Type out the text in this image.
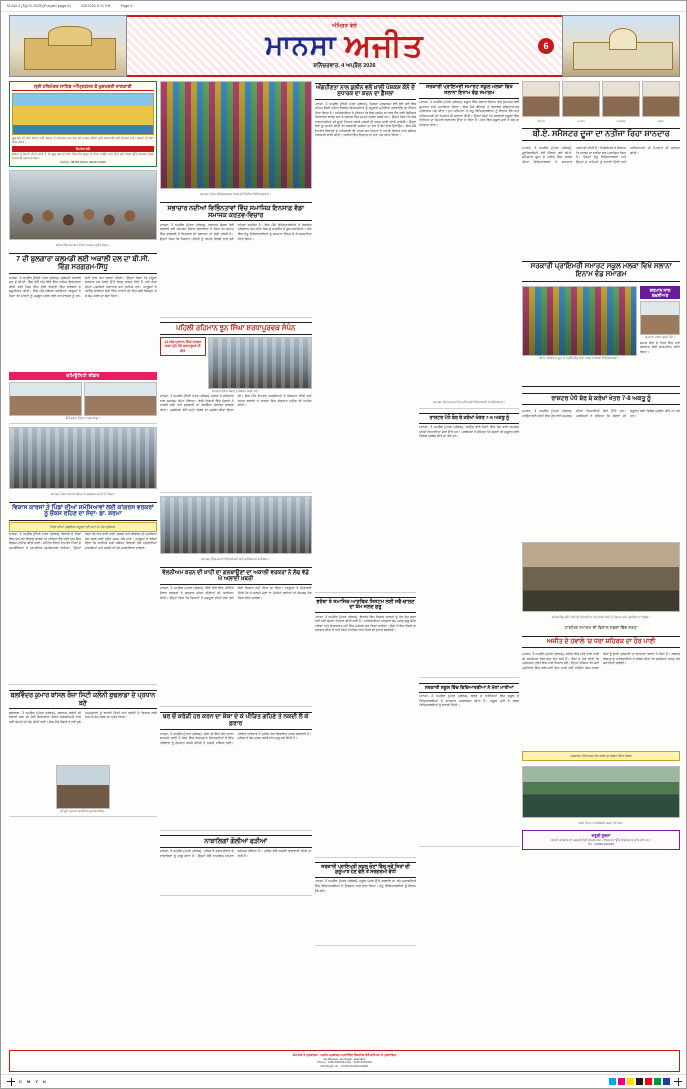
M-Ajit-2 (5)(03-2025)(Punjabi page-6)	4/3/2026 9:11 PM	Page 6
ਅੰਮ੍ਰਿਤ ਵੇਲੇ
ਮਾਨਸਾ ਅਜੀਤ
ਸ਼ਨਿੱਚਰਵਾਰ, 4 ਅਪ੍ਰੈਲ 2026
6
ਸ੍ਰੀ ਹਰਿਮੰਦਰ ਸਾਹਿਬ ਅੰਮ੍ਰਿਤਸਰ ਤੋਂ ਖੁਸ਼ਖਬਰੀ ਜਾਣਕਾਰੀ
ਗੁਰੂ ਘਰ ਦੀ ਸੇਵਾ ਸੰਭਾਲ ਲਈ ਸੰਗਤਾਂ ਦੇ ਸਹਿਯੋਗ ਨਾਲ ਚੱਲ ਰਹੇ ਕਾਰਜ ਸਬੰਧੀ ਪੂਰੀ ਜਾਣਕਾਰੀ ਲਈ ਸੰਪਰਕ ਕਰੋ। ਸੰਗਤਾਂ ਦੀ ਸੇਵਾ ਵਿੱਚ ਹਾਜ਼ਰ।
ਸੰਪਰਕ ਕਰੋ
ਸੰਗਤਾਂ ਨੂੰ ਬੇਨਤੀ ਕੀਤੀ ਜਾਂਦੀ ਹੈ ਕਿ ਗੁਰੂ ਘਰ ਦੀ ਸੇਵਾ ਵਿੱਚ ਵੱਧ ਚੜ੍ਹ ਕੇ ਹਿੱਸਾ ਪਾਉਣ ਅਤੇ ਦਿੱਤੇ ਗਏ ਨੰਬਰਾਂ ਉੱਤੇ ਸੰਪਰਕ ਕਰਕੇ ਜਾਣਕਾਰੀ ਪ੍ਰਾਪਤ ਕਰਨ।
ਮੋਬਾਇਲ : 98765-43210, 98140-12345
ਸ਼ਹਿਰ ਵਿੱਚ ਸਮਾਗਮ ਦੌਰਾਨ ਹਾਜ਼ਰ ਪਤਵੰਤੇ ਸੱਜਣ।
7 ਦੀ ਬੁਲਗਾਰਾ ਕਲਮਡੀ ਲਈ ਅਕਾਲੀ ਦਲ ਦਾ ਬੀ.ਸੀ. ਵਿੰਗ ਸਰਗਰਮ-ਸਿੱਧੂ
ਮਾਨਸਾ, 3 ਅਪ੍ਰੈਲ (ਨਿੱਜੀ ਪੱਤਰ ਪ੍ਰੇਰਕ)- ਸ਼੍ਰੋਮਣੀ ਅਕਾਲੀ ਦਲ ਦੇ ਬੀ.ਸੀ. ਵਿੰਗ ਵੱਲੋਂ ਅੱਜ ਇੱਥੇ ਇੱਕ ਅਹਿਮ ਇਕੱਤਰਤਾ ਕੀਤੀ ਗਈ ਜਿਸ ਵਿੱਚ ਵੱਡੀ ਗਿਣਤੀ ਵਿੱਚ ਵਰਕਰਾਂ ਨੇ ਸ਼ਮੂਲੀਅਤ ਕੀਤੀ। ਇਸ ਮੌਕੇ ਸੰਬੋਧਨ ਕਰਦਿਆਂ ਆਗੂਆਂ ਨੇ ਕਿਹਾ ਕਿ ਪਾਰਟੀ ਨੂੰ ਮਜ਼ਬੂਤ ਕਰਨ ਲਈ ਹਰ ਵਰਕਰ ਨੂੰ ਤਨ-ਦੇਹੀ ਨਾਲ ਕੰਮ ਕਰਨਾ ਪਵੇਗਾ। ਉਨ੍ਹਾਂ ਕਿਹਾ ਕਿ ਮੌਜੂਦਾ ਸਰਕਾਰ ਹਰ ਮੋਰਚੇ ਉੱਤੇ ਫੇਲ੍ਹ ਸਾਬਤ ਹੋਈ ਹੈ ਅਤੇ ਲੋਕਾਂ ਦੀਆਂ ਮੁਸ਼ਕਿਲਾਂ ਲਗਾਤਾਰ ਵਧ ਰਹੀਆਂ ਹਨ। ਆਗੂਆਂ ਨੇ ਆਉਣ ਵਾਲੀਆਂ ਚੋਣਾਂ ਵਿੱਚ ਪਾਰਟੀ ਦੀ ਜਿੱਤ ਲਈ ਇੱਕਜੁੱਟ ਹੋ ਕੇ ਕੰਮ ਕਰਨ ਦਾ ਸੱਦਾ ਦਿੱਤਾ।
ਕਮਿਊਨਿਟੀ ਲੀਡਰ
ਇਕੱਤਰਤਾ ਦੌਰਾਨ ਹਾਜ਼ਰ ਆਗੂ।
ਸਮਾਗਮ ਦੌਰਾਨ ਸ਼ਾਮਲ ਸੰਗਤਾਂ ਤੇ ਪ੍ਰਬੰਧਕ ਕਮੇਟੀ ਦੇ ਮੈਂਬਰ।
ਵਿਕਾਸ ਕਾਰਜਾਂ ਤੇ ਪਿੰਡਾਂ ਦੀਆਂ ਸਮੱਸਿਆਵਾਂ ਲਈ ਕਾਂਗਰਸ ਵਰਕਰਾਂ ਨੂੰ ਚੌਕਸ ਰਹਿਣ ਦਾ ਸੱਦਾ- ਡਾ. ਸ਼ਰਮਾ
ਪਿੰਡਾਂ ਦੀਆਂ ਮੁੱਢਲੀਆਂ ਸਹੂਲਤਾਂ ਦੀ ਘਾਟ ਦਾ ਮੁੱਦਾ ਚੁੱਕਿਆ
ਮਾਨਸਾ, 3 ਅਪ੍ਰੈਲ (ਨਿੱਜੀ ਪੱਤਰ ਪ੍ਰੇਰਕ)- ਇਲਾਕੇ ਦੇ ਪਿੰਡਾਂ ਵਿੱਚ ਚੱਲ ਰਹੇ ਵਿਕਾਸ ਕਾਰਜਾਂ ਦਾ ਜਾਇਜ਼ਾ ਲੈਣ ਲਈ ਅੱਜ ਇੱਕ ਵਿਸ਼ੇਸ਼ ਮੀਟਿੰਗ ਕੀਤੀ ਗਈ। ਮੀਟਿੰਗ ਦੌਰਾਨ ਵੱਖ-ਵੱਖ ਪਿੰਡਾਂ ਦੇ ਨੁਮਾਇੰਦਿਆਂ ਨੇ ਆਪਣੀਆਂ ਸਮੱਸਿਆਵਾਂ ਰੱਖੀਆਂ। ਉਨ੍ਹਾਂ ਕਿਹਾ ਕਿ ਪੀਣ ਵਾਲੇ ਪਾਣੀ, ਸੜਕਾਂ ਅਤੇ ਸੀਵਰੇਜ ਦੀ ਸਮੱਸਿਆ ਹੱਲ ਕਰਨ ਲਈ ਤੁਰੰਤ ਕਦਮ ਚੁੱਕੇ ਜਾਣ। ਆਗੂਆਂ ਨੇ ਭਰੋਸਾ ਦਿੱਤਾ ਕਿ ਸਾਰੀਆਂ ਮੰਗਾਂ ਸਬੰਧਤ ਵਿਭਾਗਾਂ ਤੱਕ ਪਹੁੰਚਾਈਆਂ ਜਾਣਗੀਆਂ ਅਤੇ ਜਲਦੀ ਹੀ ਹੱਲ ਕਰਵਾਇਆ ਜਾਵੇਗਾ।
ਬਲਵਿੰਦਰ ਕੁਮਾਰ ਬਾਂਸਲ ਰੋਜ਼ਾ ਸਿਟੀ ਕਲੋਨੀ ਬੁਢਲਾਡਾ ਦੇ ਪ੍ਰਧਾਨ ਬਣੇ
ਬੁਢਲਾਡਾ, 3 ਅਪ੍ਰੈਲ (ਪੱਤਰ ਪ੍ਰੇਰਕ)- ਸਥਾਨਕ ਕਲੋਨੀ ਦੀ ਭਲਾਈ ਸਭਾ ਦੀ ਹੋਈ ਇਕੱਤਰਤਾ ਦੌਰਾਨ ਸਰਬਸੰਮਤੀ ਨਾਲ ਨਵੀਂ ਕਮੇਟੀ ਦੀ ਚੋਣ ਕੀਤੀ ਗਈ। ਇਸ ਮੌਕੇ ਮੈਂਬਰਾਂ ਨੇ ਨਵੇਂ ਚੁਣੇ ਅਹੁਦੇਦਾਰਾਂ ਨੂੰ ਵਧਾਈ ਦਿੱਤੀ ਅਤੇ ਕਲੋਨੀ ਦੇ ਵਿਕਾਸ ਲਈ ਮਿਲ ਕੇ ਕੰਮ ਕਰਨ ਦਾ ਪ੍ਰਣ ਲਿਆ।
ਨਵੇਂ ਚੁਣੇ ਪ੍ਰਧਾਨ ਬਲਵਿੰਦਰ ਕੁਮਾਰ ਬਾਂਸਲ।
ਸਮਾਗਮ ਦੌਰਾਨ ਸੱਭਿਆਚਾਰਕ ਪੇਸ਼ਕਾਰੀ ਦਿੰਦੀਆਂ ਵਿਦਿਆਰਥਣਾਂ।
ਸਭਾਚਾਰ ਨਦੀਆਂ ਵਿਭਿੰਨਤਾਵਾਂ ਵਿੱਚ ਸਮਾਜਿਕ ਇਨਸਾਫ਼ ਵੱਡਾ ਸਮਾਜਕ ਕਰਤਵ-ਵਿਚਾਰ
ਮਾਨਸਾ, 3 ਅਪ੍ਰੈਲ (ਪੱਤਰ ਪ੍ਰੇਰਕ)- ਸਥਾਨਕ ਸੰਸਥਾ ਵੱਲੋਂ ਕਰਵਾਏ ਗਏ ਸਮਾਗਮ ਦੌਰਾਨ ਬੁਲਾਰਿਆਂ ਨੇ ਕਿਹਾ ਕਿ ਸਮਾਜ ਵਿੱਚ ਬਰਾਬਰੀ ਤੇ ਇਨਸਾਫ਼ ਦੀ ਸਥਾਪਨਾ ਹੀ ਸੱਚੀ ਤਰੱਕੀ ਹੈ। ਉਨ੍ਹਾਂ ਕਿਹਾ ਕਿ ਨੌਜਵਾਨ ਪੀੜ੍ਹੀ ਨੂੰ ਆਪਣੇ ਵਿਰਸੇ ਨਾਲ ਜੁੜੇ ਰਹਿਣਾ ਚਾਹੀਦਾ ਹੈ। ਇਸ ਮੌਕੇ ਵਿਦਿਆਰਥੀਆਂ ਨੇ ਰੰਗਾਰੰਗ ਪ੍ਰੋਗਰਾਮ ਪੇਸ਼ ਕੀਤਾ ਜਿਸ ਨੂੰ ਹਾਜ਼ਰੀਨ ਨੇ ਖ਼ੂਬ ਸਲਾਹਿਆ। ਅੰਤ ਵਿੱਚ ਜੇਤੂ ਵਿਦਿਆਰਥੀਆਂ ਨੂੰ ਸਨਮਾਨ ਚਿੰਨ੍ਹ ਦੇ ਕੇ ਸਨਮਾਨਿਤ ਕੀਤਾ ਗਿਆ।
ਪਹਿਲੀ ਰਹਿਮਾਨ ਝੂਨ ਸਿੰਘਾ ਸ਼ਰਧਾਪੂਰਵਕ ਸੰਪੰਨ
14 ਅੰਗ ਪ੍ਰਧਾਨ ਸਿੰਘ ਦਰਸ਼ਨ ਕਰਨ ਪੁੱਜੇ ਹੋਏ ਸ਼ਰਧਾਲੂਆਂ ਦੀ ਭੀੜ
ਸਮਾਗਮ ਦੌਰਾਨ ਸੰਗਤ ਨੂੰ ਸੰਬੋਧਨ ਕਰਦੇ ਹੋਏ।
ਮਾਨਸਾ, 3 ਅਪ੍ਰੈਲ (ਨਿੱਜੀ ਪੱਤਰ ਪ੍ਰੇਰਕ)- ਸ਼ਰਧਾ ਤੇ ਸਤਿਕਾਰ ਨਾਲ ਸਮਾਗਮ ਸੰਪੰਨ ਹੋਇਆ। ਵੱਡੀ ਗਿਣਤੀ ਵਿੱਚ ਸੰਗਤਾਂ ਨੇ ਹਾਜ਼ਰੀ ਭਰੀ ਅਤੇ ਗੁਰਬਾਣੀ ਦਾ ਰਸਭਿੰਨਾ ਕੀਰਤਨ ਸਰਵਣ ਕੀਤਾ। ਪ੍ਰਬੰਧਕਾਂ ਵੱਲੋਂ ਅਟੁੱਟ ਲੰਗਰ ਦਾ ਪ੍ਰਬੰਧ ਕੀਤਾ ਗਿਆ ਸੀ। ਇਸ ਮੌਕੇ ਵੱਖ-ਵੱਖ ਸ਼ਖ਼ਸੀਅਤਾਂ ਨੇ ਸ਼ਿਰਕਤ ਕੀਤੀ ਅਤੇ ਸਮਾਜ ਭਲਾਈ ਦੇ ਕਾਰਜਾਂ ਵਿੱਚ ਯੋਗਦਾਨ ਪਾਉਣ ਦੀ ਅਪੀਲ ਕੀਤੀ।
ਸਮਾਗਮ ਵਿੱਚ ਸ਼ਾਮਲ ਵਿਦਿਆਰਥੀ ਅਤੇ ਅਧਿਆਪਕ ਸਾਹਿਬਾਨ।
ਵੇਲਨੀਅਮ ਕਰਨ ਦੀ ਖ਼ਾਹੀ ਦਾ ਗਲਬਾਉਣਾਂ ਦਾ ਅਕਾਲੀ ਵਰਕਰਾਂ ਨੇ ਲੰਢ ਵੱਡੇ ਘੇ ਅਲਾਦੀ ਖ਼ਬਰੀ
ਮਾਨਸਾ, 3 ਅਪ੍ਰੈਲ (ਪੱਤਰ ਪ੍ਰੇਰਕ)- ਇੱਥੇ ਹੋਈ ਇੱਕ ਮੀਟਿੰਗ ਦੌਰਾਨ ਵਰਕਰਾਂ ਨੇ ਸਰਕਾਰ ਦੀਆਂ ਨੀਤੀਆਂ ਦੀ ਆਲੋਚਨਾ ਕੀਤੀ। ਉਨ੍ਹਾਂ ਕਿਹਾ ਕਿ ਕਿਸਾਨਾਂ ਤੇ ਮਜ਼ਦੂਰਾਂ ਦੀਆਂ ਮੰਗਾਂ ਵੱਲ ਕੋਈ ਧਿਆਨ ਨਹੀਂ ਦਿੱਤਾ ਜਾ ਰਿਹਾ। ਆਗੂਆਂ ਨੇ ਚਿਤਾਵਨੀ ਦਿੱਤੀ ਕਿ ਜੇ ਜਲਦੀ ਮੰਗਾਂ ਨਾ ਮੰਨੀਆਂ ਗਈਆਂ ਤਾਂ ਸੰਘਰਸ਼ ਹੋਰ ਤਿੱਖਾ ਕੀਤਾ ਜਾਵੇਗਾ।
ਥਰ ਚੋਂ ਕਰੋੜੀ ਹਰ ਕਰਨ ਦਾ ਸ਼ੰਕਾ ਦੇ ਕੇ ਪੀੜਿਤ ਗਹਿਣੇ ਤੇ ਨਕਦੀ ਲੈ ਕੇ ਫ਼ਰਾਰ
ਮਾਨਸਾ, 3 ਅਪ੍ਰੈਲ (ਪੱਤਰ ਪ੍ਰੇਰਕ)- ਠੱਗੀ ਦੀ ਇੱਕ ਹੋਰ ਘਟਨਾ ਸਾਹਮਣੇ ਆਈ ਹੈ ਜਿਸ ਵਿੱਚ ਅਣਪਛਾਤੇ ਵਿਅਕਤੀਆਂ ਨੇ ਇੱਕ ਪਰਿਵਾਰ ਨੂੰ ਗੁੰਮਰਾਹ ਕਰਕੇ ਗਹਿਣੇ ਤੇ ਨਕਦੀ ਹਥਿਆ ਲਈ। ਪੀੜਿਤ ਪਰਿਵਾਰ ਨੇ ਪੁਲਿਸ ਕੋਲ ਸ਼ਿਕਾਇਤ ਦਰਜ ਕਰਵਾਈ ਹੈ। ਪੁਲਿਸ ਨੇ ਕੇਸ ਦਰਜ ਕਰਕੇ ਜਾਂਚ ਸ਼ੁਰੂ ਕਰ ਦਿੱਤੀ ਹੈ।
ਨਾਬਾਲਿਗਾਂ ਗੋਲੀਆਂ ਫੜੀਆਂ
ਮਾਨਸਾ, 3 ਅਪ੍ਰੈਲ (ਪੱਤਰ ਪ੍ਰੇਰਕ)- ਪੁਲਿਸ ਨੇ ਗਸ਼ਤ ਦੌਰਾਨ ਦੋ ਨਾਬਾਲਿਗਾਂ ਨੂੰ ਕਾਬੂ ਕੀਤਾ ਹੈ। ਉਨ੍ਹਾਂ ਕੋਲੋਂ ਨਾਜਾਇਜ਼ ਸਾਮਾਨ ਬਰਾਮਦ ਹੋਇਆ ਹੈ। ਪੁਲਿਸ ਵੱਲੋਂ ਅਗਲੀ ਕਾਰਵਾਈ ਕੀਤੀ ਜਾ ਰਹੀ ਹੈ।
ਅੰਗਹੀਣਤਾ ਨਾਲ ਕੁਲੀਨ ਵਲੋਂ ਖ਼ਾਲੀ ਪੇਸ਼ਕਸ਼ ਕੋਨੇ ਦੇ ਸੁਧਾਰਕ ਦਾ ਕਰਨ ਦਾ ਫ਼ੈਸਲਾ
ਮਾਨਸਾ, 3 ਅਪ੍ਰੈਲ (ਨਿੱਜੀ ਪੱਤਰ ਪ੍ਰੇਰਕ)- ਜ਼ਿਲ੍ਹਾ ਪ੍ਰਸ਼ਾਸਨ ਵੱਲੋਂ ਲਏ ਗਏ ਇੱਕ ਅਹਿਮ ਫ਼ੈਸਲੇ ਤਹਿਤ ਲੋੜਵੰਦ ਵਿਅਕਤੀਆਂ ਨੂੰ ਸਹੂਲਤਾਂ ਮੁਹੱਈਆ ਕਰਵਾਉਣ ਦਾ ਐਲਾਨ ਕੀਤਾ ਗਿਆ ਹੈ। ਅਧਿਕਾਰੀਆਂ ਨੇ ਦੱਸਿਆ ਕਿ ਇਸ ਸਕੀਮ ਦਾ ਲਾਭ ਲੈਣ ਲਈ ਬਿਨੈਕਾਰ ਨਿਰਧਾਰਤ ਫਾਰਮ ਭਰ ਕੇ ਦਫ਼ਤਰ ਵਿੱਚ ਜਮ੍ਹਾਂ ਕਰਵਾ ਸਕਦੇ ਹਨ। ਉਨ੍ਹਾਂ ਕਿਹਾ ਕਿ ਯੋਗ ਲਾਭਪਾਤਰੀਆਂ ਦੀ ਸੂਚੀ ਤਿਆਰ ਕਰਕੇ ਜਲਦੀ ਹੀ ਰਕਮ ਜਾਰੀ ਕੀਤੀ ਜਾਵੇਗੀ। ਉਨ੍ਹਾਂ ਲੋਕਾਂ ਨੂੰ ਅਪੀਲ ਕੀਤੀ ਕਿ ਸਰਕਾਰੀ ਸਕੀਮਾਂ ਦਾ ਵੱਧ ਤੋਂ ਵੱਧ ਲਾਭ ਉਠਾਉਣ। ਇਸ ਮੌਕੇ ਵੱਖ-ਵੱਖ ਵਿਭਾਗਾਂ ਦੇ ਅਧਿਕਾਰੀ ਵੀ ਹਾਜ਼ਰ ਸਨ ਜਿਨ੍ਹਾਂ ਨੇ ਆਪਣੇ ਵਿਭਾਗ ਨਾਲ ਸਬੰਧਤ ਜਾਣਕਾਰੀ ਸਾਂਝੀ ਕੀਤੀ। ਅਖ਼ੀਰ ਵਿੱਚ ਧੰਨਵਾਦ ਦਾ ਮਤਾ ਪੇਸ਼ ਕੀਤਾ ਗਿਆ।
ਭਰੱਥਾ ਤੇ ਸਮਾਜਿਕ-ਆਰਥਿਕ ਸਿਸਟਮ ਲਈ ਸਵੈ-ਚਾਲਣ ਦਾ ਕੰਮ ਜਲਦ ਸ਼ੁਰੂ
ਮਾਨਸਾ, 3 ਅਪ੍ਰੈਲ (ਪੱਤਰ ਪ੍ਰੇਰਕ)- ਇਲਾਕੇ ਵਿੱਚ ਵਿਕਾਸ ਕਾਰਜਾਂ ਨੂੰ ਹੋਰ ਤੇਜ਼ ਕਰਨ ਲਈ ਨਵੀਂ ਯੋਜਨਾ ਤਿਆਰ ਕੀਤੀ ਗਈ ਹੈ। ਅਧਿਕਾਰੀਆਂ ਅਨੁਸਾਰ ਕੰਮ ਜਲਦ ਸ਼ੁਰੂ ਕੀਤਾ ਜਾਵੇਗਾ ਅਤੇ ਨਿਰਧਾਰਤ ਸਮੇਂ ਵਿੱਚ ਮੁਕੰਮਲ ਕਰ ਲਿਆ ਜਾਵੇਗਾ। ਲੋਕਾਂ ਨੇ ਇਸ ਫ਼ੈਸਲੇ ਦਾ ਸਵਾਗਤ ਕੀਤਾ ਹੈ ਅਤੇ ਕਿਹਾ ਕਿ ਇਸ ਨਾਲ ਖੇਤਰ ਦੀ ਨੁਹਾਰ ਬਦਲੇਗੀ।
ਸਰਕਾਰੀ ਪ੍ਰਾਇਮਰੀ ਸਕੂਲ ਚੋਣਾਂ ਵਿੱਚ ਨਵੇਂ ਸਿਰਾਂ ਦੀ ਸ਼ੁਰੂਆਤ ਹੋਣ ਵੇਲੇ ਤੋਂ ਸਰਗਰਮੀ ਵੱਧੀ
ਮਾਨਸਾ, 3 ਅਪ੍ਰੈਲ (ਪੱਤਰ ਪ੍ਰੇਰਕ)- ਸਕੂਲ ਪੱਧਰ ਉੱਤੇ ਕਰਵਾਏ ਜਾ ਰਹੇ ਮੁਕਾਬਲਿਆਂ ਵਿੱਚ ਵਿਦਿਆਰਥੀਆਂ ਨੇ ਉਤਸ਼ਾਹ ਨਾਲ ਭਾਗ ਲਿਆ। ਜੇਤੂ ਵਿਦਿਆਰਥੀਆਂ ਨੂੰ ਇਨਾਮ ਵੰਡੇ ਗਏ।
ਸਰਕਾਰੀ ਪ੍ਰਾਇਮਰੀ ਸਮਾਰਟ ਸਕੂਲ ਮਲਕਾ ਵਿਖੇ ਸਲਾਨਾ ਇਨਾਮ ਵੰਡ ਸਮਾਗਮ
ਮਾਨਸਾ, 3 ਅਪ੍ਰੈਲ (ਪੱਤਰ ਪ੍ਰੇਰਕ)- ਸਕੂਲ ਵਿੱਚ ਸਲਾਨਾ ਇਨਾਮ ਵੰਡ ਸਮਾਗਮ ਬੜੀ ਧੂਮਧਾਮ ਨਾਲ ਮਨਾਇਆ ਗਿਆ। ਇਸ ਮੌਕੇ ਬੱਚਿਆਂ ਨੇ ਰੰਗਾਰੰਗ ਸੱਭਿਆਚਾਰਕ ਪ੍ਰੋਗਰਾਮ ਪੇਸ਼ ਕੀਤਾ। ਮੁੱਖ ਮਹਿਮਾਨ ਨੇ ਜੇਤੂ ਵਿਦਿਆਰਥੀਆਂ ਨੂੰ ਇਨਾਮ ਵੰਡੇ ਅਤੇ ਅਧਿਆਪਕਾਂ ਦੀ ਮਿਹਨਤ ਦੀ ਸ਼ਲਾਘਾ ਕੀਤੀ। ਉਨ੍ਹਾਂ ਕਿਹਾ ਕਿ ਸਰਕਾਰੀ ਸਕੂਲਾਂ ਵਿੱਚ ਸਿੱਖਿਆ ਦਾ ਮਿਆਰ ਲਗਾਤਾਰ ਉੱਚਾ ਹੋ ਰਿਹਾ ਹੈ। ਅੰਤ ਵਿੱਚ ਸਕੂਲ ਮੁਖੀ ਨੇ ਸਭ ਦਾ ਧੰਨਵਾਦ ਕੀਤਾ।
ਸਮਾਗਮ ਦੌਰਾਨ ਸਨਮਾਨਿਤ ਕੀਤੇ ਗਏ ਵਿਦਿਆਰਥੀ ਤੇ ਅਧਿਆਪਕ।
ਰਾਸ਼ਟਰ ਪੰਧੋ ਬੋਰ ਬੇ ਕਰੇਖਾਂ ਖੇਤਰ 7-8 ਅਕਤੂ ਨੂੰ
ਮਾਨਸਾ, 3 ਅਪ੍ਰੈਲ (ਪੱਤਰ ਪ੍ਰੇਰਕ)- ਆਉਣ ਵਾਲੇ ਦਿਨਾਂ ਵਿੱਚ ਹੋਣ ਵਾਲੇ ਸਮਾਗਮ ਦੀਆਂ ਤਿਆਰੀਆਂ ਜ਼ੋਰਾਂ ਉੱਤੇ ਹਨ। ਪ੍ਰਬੰਧਕਾਂ ਨੇ ਦੱਸਿਆ ਕਿ ਸੰਗਤਾਂ ਦੀ ਸਹੂਲਤ ਲਈ ਵਿਸ਼ੇਸ਼ ਪ੍ਰਬੰਧ ਕੀਤੇ ਜਾ ਰਹੇ ਹਨ।
ਸਰਕਾਰੀ ਸਕੂਲ ਵਿੱਚ ਵਿਦਿਆਰਥੀਆਂ ਨੇ ਮੱਲਾਂ ਮਾਰੀਆਂ
ਮਾਨਸਾ, 3 ਅਪ੍ਰੈਲ (ਪੱਤਰ ਪ੍ਰੇਰਕ)- ਬੋਰਡ ਦੇ ਨਤੀਜਿਆਂ ਵਿੱਚ ਸਕੂਲ ਦੇ ਵਿਦਿਆਰਥੀਆਂ ਨੇ ਸ਼ਾਨਦਾਰ ਪ੍ਰਦਰਸ਼ਨ ਕੀਤਾ ਹੈ। ਸਕੂਲ ਮੁਖੀ ਨੇ ਸਫ਼ਲ ਵਿਦਿਆਰਥੀਆਂ ਨੂੰ ਵਧਾਈ ਦਿੱਤੀ।
ਸ਼ਿਵਾਨੀ	ਮਨਦੀਪ	ਹਰਪ੍ਰੀਤ	ਕਿਰਨ
ਬੀ.ਏ. ਸਮੈਸਟਰ ਦੂਜਾ ਦਾ ਨਤੀਜਾ ਰਿਹਾ ਸ਼ਾਨਦਾਰ
ਮਾਨਸਾ, 3 ਅਪ੍ਰੈਲ (ਪੱਤਰ ਪ੍ਰੇਰਕ)- ਯੂਨੀਵਰਸਿਟੀ ਵੱਲੋਂ ਐਲਾਨੇ ਗਏ ਬੀ.ਏ. ਸਮੈਸਟਰ ਦੂਜਾ ਦੇ ਨਤੀਜੇ ਵਿੱਚ ਕਾਲਜ ਦੀਆਂ ਵਿਦਿਆਰਥਣਾਂ ਨੇ ਸ਼ਾਨਦਾਰ ਪ੍ਰਾਪਤੀ ਕੀਤੀ ਹੈ। ਪ੍ਰਿੰਸੀਪਲ ਨੇ ਦੱਸਿਆ ਕਿ ਕਾਲਜ ਦਾ ਨਤੀਜਾ ਸ਼ਤ-ਪ੍ਰਤੀਸ਼ਤ ਰਿਹਾ ਹੈ। ਉਨ੍ਹਾਂ ਜੇਤੂ ਵਿਦਿਆਰਥਣਾਂ ਅਤੇ ਉਨ੍ਹਾਂ ਦੇ ਮਾਪਿਆਂ ਨੂੰ ਵਧਾਈ ਦਿੱਤੀ ਅਤੇ ਅਧਿਆਪਕਾਂ ਦੀ ਮਿਹਨਤ ਦੀ ਸ਼ਲਾਘਾ ਕੀਤੀ।
ਸਰਕਾਰੀ ਪ੍ਰਾਇਮਰੀ ਸਮਾਰਟ ਸਕੂਲ ਮਲਕਾ ਵਿਖੇ ਸਲਾਨਾ ਇਨਾਮ ਵੰਡ ਸਮਾਗਮ
ਬੀ.ਏ. ਸਮੈਸਟਰ ਦੂਜਾ ਦੇ ਨਤੀਜੇ ਵਿੱਚ ਮੱਲਾਂ ਮਾਰਨ ਵਾਲੀਆਂ ਵਿਦਿਆਰਥਣਾਂ।
ਸਨਮਾਨ ਨਾਲ ਸ਼ਖ਼ਸੀਅਤ
ਸਨਮਾਨ ਹਾਸਲ ਕਰਦੇ ਹੋਏ।
ਸਮਾਜ ਸੇਵਾ ਦੇ ਖੇਤਰ ਵਿੱਚ ਪਾਏ ਯੋਗਦਾਨ ਲਈ ਸਨਮਾਨਿਤ ਕੀਤਾ ਗਿਆ।
ਰਾਸ਼ਟਰ ਪੰਧੋ ਬੋਰ ਬੇ ਕਰੇਖਾਂ ਖੇਤਰ 7-8 ਅਕਤੂ ਨੂੰ
ਮਾਨਸਾ, 3 ਅਪ੍ਰੈਲ (ਪੱਤਰ ਪ੍ਰੇਰਕ)- ਆਉਣ ਵਾਲੇ ਦਿਨਾਂ ਵਿੱਚ ਹੋਣ ਵਾਲੇ ਸਮਾਗਮ ਦੀਆਂ ਤਿਆਰੀਆਂ ਜ਼ੋਰਾਂ ਉੱਤੇ ਹਨ। ਪ੍ਰਬੰਧਕਾਂ ਨੇ ਦੱਸਿਆ ਕਿ ਸੰਗਤਾਂ ਦੀ ਸਹੂਲਤ ਲਈ ਵਿਸ਼ੇਸ਼ ਪ੍ਰਬੰਧ ਕੀਤੇ ਜਾ ਰਹੇ ਹਨ।
ਸ਼ਹਿਰ ਵਿੱਚ ਗੰਦੇ ਪਾਣੀ ਦੀ ਨਿਕਾਸੀ ਨਾ ਹੋਣ ਕਾਰਨ ਲੋਕਾਂ ਨੂੰ ਪੇਸ਼ ਆ ਰਹੀ ਮੁਸ਼ਕਿਲ ਦਾ ਦ੍ਰਿਸ਼।
ਧਾਰਮਿਕ ਸਮਾਗਮ ਦੀ ਵਿਸ਼ਾਲ ਸ਼ਬਦਾਂ ਵਿੱਚ ਸ਼ਰਧਾ
ਅਜੀਤ ਦੇ ਹਵਾਲੇ 'ਚ ਧਰਾ ਸ਼ਹਿਰਕ ਦਾ ਹੋਰ ਪਾਣੀ
ਮਾਨਸਾ, 3 ਅਪ੍ਰੈਲ (ਪੱਤਰ ਪ੍ਰੇਰਕ)- ਸ਼ਹਿਰ ਵਿੱਚ ਪੀਣ ਵਾਲੇ ਪਾਣੀ ਦੀ ਸਮੱਸਿਆ ਦਿਨੋ-ਦਿਨ ਵਧ ਰਹੀ ਹੈ। ਲੋਕਾਂ ਨੇ ਮੰਗ ਕੀਤੀ ਕਿ ਪ੍ਰਸ਼ਾਸਨ ਤੁਰੰਤ ਇਸ ਪਾਸੇ ਧਿਆਨ ਦੇਵੇ। ਉਨ੍ਹਾਂ ਦੱਸਿਆ ਕਿ ਕਈ ਮੁਹੱਲਿਆਂ ਵਿੱਚ ਕਈ-ਕਈ ਦਿਨ ਪਾਣੀ ਨਹੀਂ ਆਉਂਦਾ ਜਿਸ ਕਾਰਨ ਲੋਕਾਂ ਨੂੰ ਭਾਰੀ ਪ੍ਰੇਸ਼ਾਨੀ ਦਾ ਸਾਹਮਣਾ ਕਰਨਾ ਪੈ ਰਿਹਾ ਹੈ। ਸਬੰਧਤ ਵਿਭਾਗ ਦੇ ਅਧਿਕਾਰੀਆਂ ਨੇ ਭਰੋਸਾ ਦਿੱਤਾ ਕਿ ਸਮੱਸਿਆ ਜਲਦ ਹੱਲ ਕਰ ਦਿੱਤੀ ਜਾਵੇਗੀ।
ਪ੍ਰਸ਼ਾਸਨ ਵੱਲੋਂ ਜਲਦ ਹੱਲ ਕਰਨ ਦਾ ਭਰੋਸਾ ਦਿੱਤਾ ਗਿਆ
ਧਰਨੇ ਦੌਰਾਨ ਨਾਅਰੇਬਾਜ਼ੀ ਕਰਦੇ ਹੋਏ ਲੋਕ।
ਜ਼ਰੂਰੀ ਸੂਚਨਾ
ਆਪਣੇ ਕਾਰੋਬਾਰ ਦੀ ਮਸ਼ਹੂਰੀ ਲਈ ਸੰਪਰਕ ਕਰੋ। ਵਾਜਬ ਰੇਟ ਉੱਤੇ ਇਸ਼ਤਿਹਾਰ ਛਾਪੇ ਜਾਂਦੇ ਹਨ।
ਫੋਨ : 01652-222222
ਸੰਪਾਦਕ ਤੇ ਪ੍ਰਕਾਸ਼ਕ : ਅਜੀਤ ਪ੍ਰਕਾਸ਼ਨ ਪ੍ਰਾਈਵੇਟ ਲਿਮਟਿਡ ਵੱਲੋਂ ਛਾਪਿਆ ਤੇ ਪ੍ਰਕਾਸ਼ਿਤ
Ajit Bhawan, Ajit Nagar, Jalandhar
Phone : 0181-5064444 Fax : 0181-5064445
RNI Regd. No. : PUNPUN/2011/44481
C M Y K
